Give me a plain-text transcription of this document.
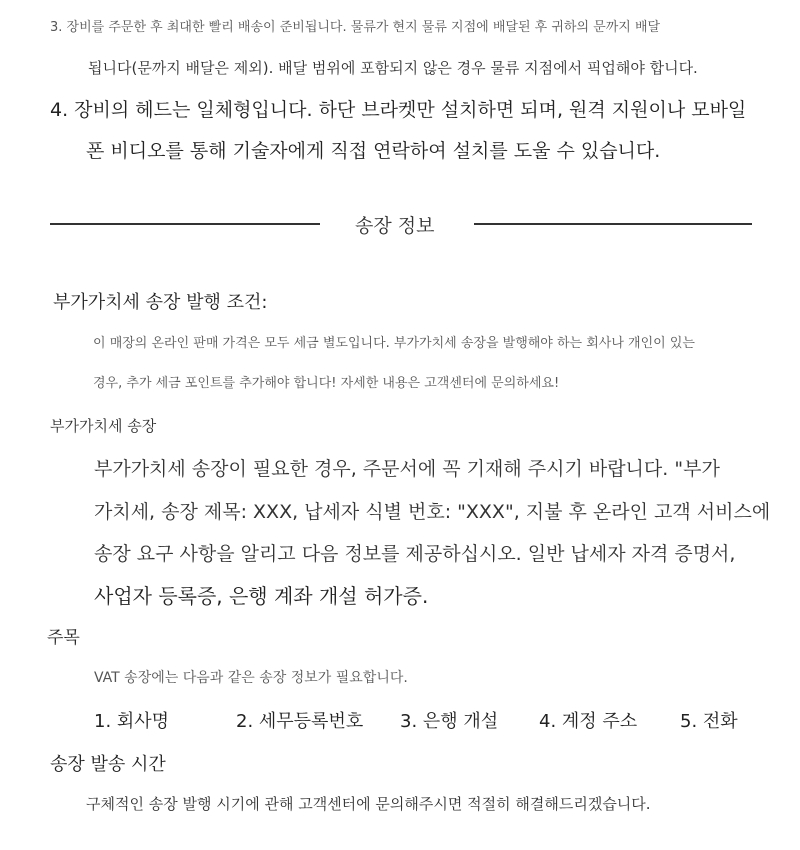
3. 장비를 주문한 후 최대한 빨리 배송이 준비됩니다. 물류가 현지 물류 지점에 배달된 후 귀하의 문까지 배달
됩니다(문까지 배달은 제외). 배달 범위에 포함되지 않은 경우 물류 지점에서 픽업해야 합니다.
4. 장비의 헤드는 일체형입니다. 하단 브라켓만 설치하면 되며, 원격 지원이나 모바일
폰 비디오를 통해 기술자에게 직접 연락하여 설치를 도울 수 있습니다.
송장 정보
부가가치세 송장 발행 조건:
이 매장의 온라인 판매 가격은 모두 세금 별도입니다. 부가가치세 송장을 발행해야 하는 회사나 개인이 있는
경우, 추가 세금 포인트를 추가해야 합니다! 자세한 내용은 고객센터에 문의하세요!
부가가치세 송장
부가가치세 송장이 필요한 경우, 주문서에 꼭 기재해 주시기 바랍니다. "부가
가치세, 송장 제목: XXX, 납세자 식별 번호: "XXX", 지불 후 온라인 고객 서비스에
송장 요구 사항을 알리고 다음 정보를 제공하십시오. 일반 납세자 자격 증명서,
사업자 등록증, 은행 계좌 개설 허가증.
주목
VAT 송장에는 다음과 같은 송장 정보가 필요합니다.
1. 회사명	2. 세무등록번호 3. 은행 개설 4. 계정 주소 5. 전화
송장 발송 시간
구체적인 송장 발행 시기에 관해 고객센터에 문의해주시면 적절히 해결해드리겠습니다.
